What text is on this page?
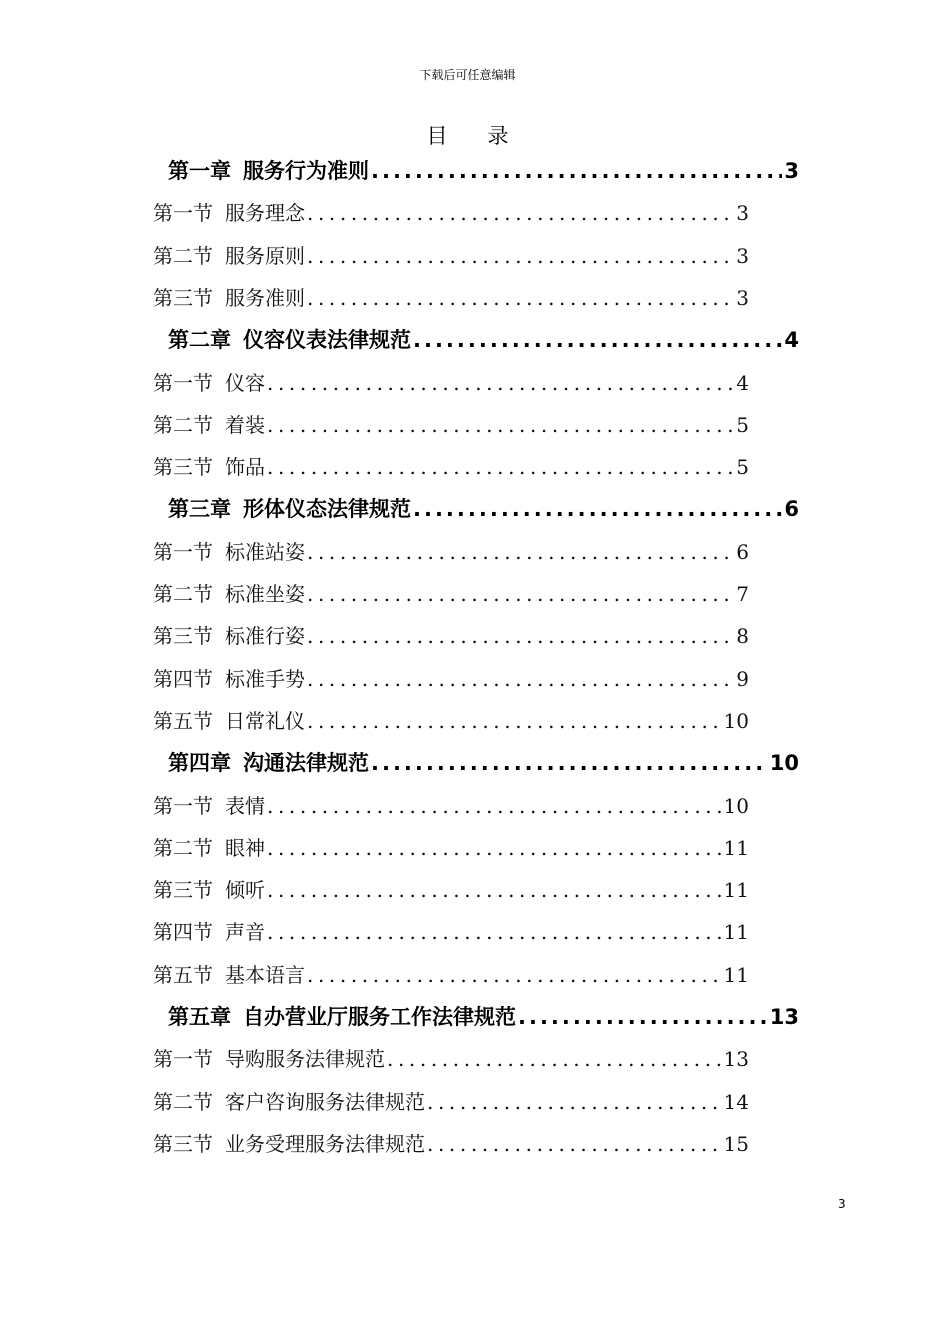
下载后可任意编辑
目录
第一章 服务行为准则 .....	3
第一节 服务理念 .....	3
第二节 服务原则 .....	3
第三节 服务准则 .....	3
第二章 仪容仪表法律规范 .....	4
第一节 仪容 .....	4
第二节 着装 .....	5
第三节 饰品 .....	5
第三章 形体仪态法律规范 .....	6
第一节 标准站姿 .....	6
第二节 标准坐姿 .....	7
第三节 标准行姿 .....	8
第四节 标准手势 .....	9
第五节 日常礼仪 .....	10
第四章 沟通法律规范 .....	10
第一节 表情 .....	10
第二节 眼神 .....	11
第三节 倾听 .....	11
第四节 声音 .....	11
第五节 基本语言 .....	11
第五章 自办营业厅服务工作法律规范 .....	13
第一节 导购服务法律规范 .....	13
第二节 客户咨询服务法律规范 .....	14
第三节 业务受理服务法律规范 .....	15
3
